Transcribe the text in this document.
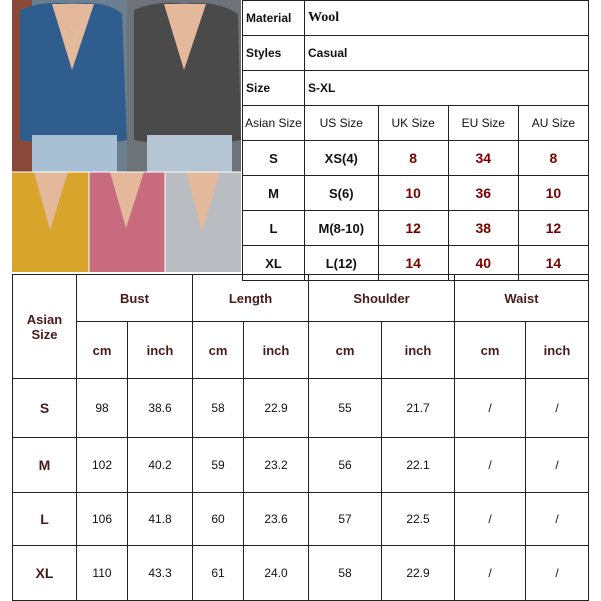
Material	Wool			
Styles	Casual			
Size	S-XL			
Asian Size	US Size	UK Size	EU Size	AU Size
S	XS(4)	8	34	8
M	S(6)	10	36	10
L	M(8-10)	12	38	12
XL	L(12)	14	40	14
Asian Size	Bust		Length		Shoulder		Waist	
	cm	inch	cm	inch	cm	inch	cm	inch
S	98	38.6	58	22.9	55	21.7	/	/
M	102	40.2	59	23.2	56	22.1	/	/
L	106	41.8	60	23.6	57	22.5	/	/
XL	110	43.3	61	24.0	58	22.9	/	/
